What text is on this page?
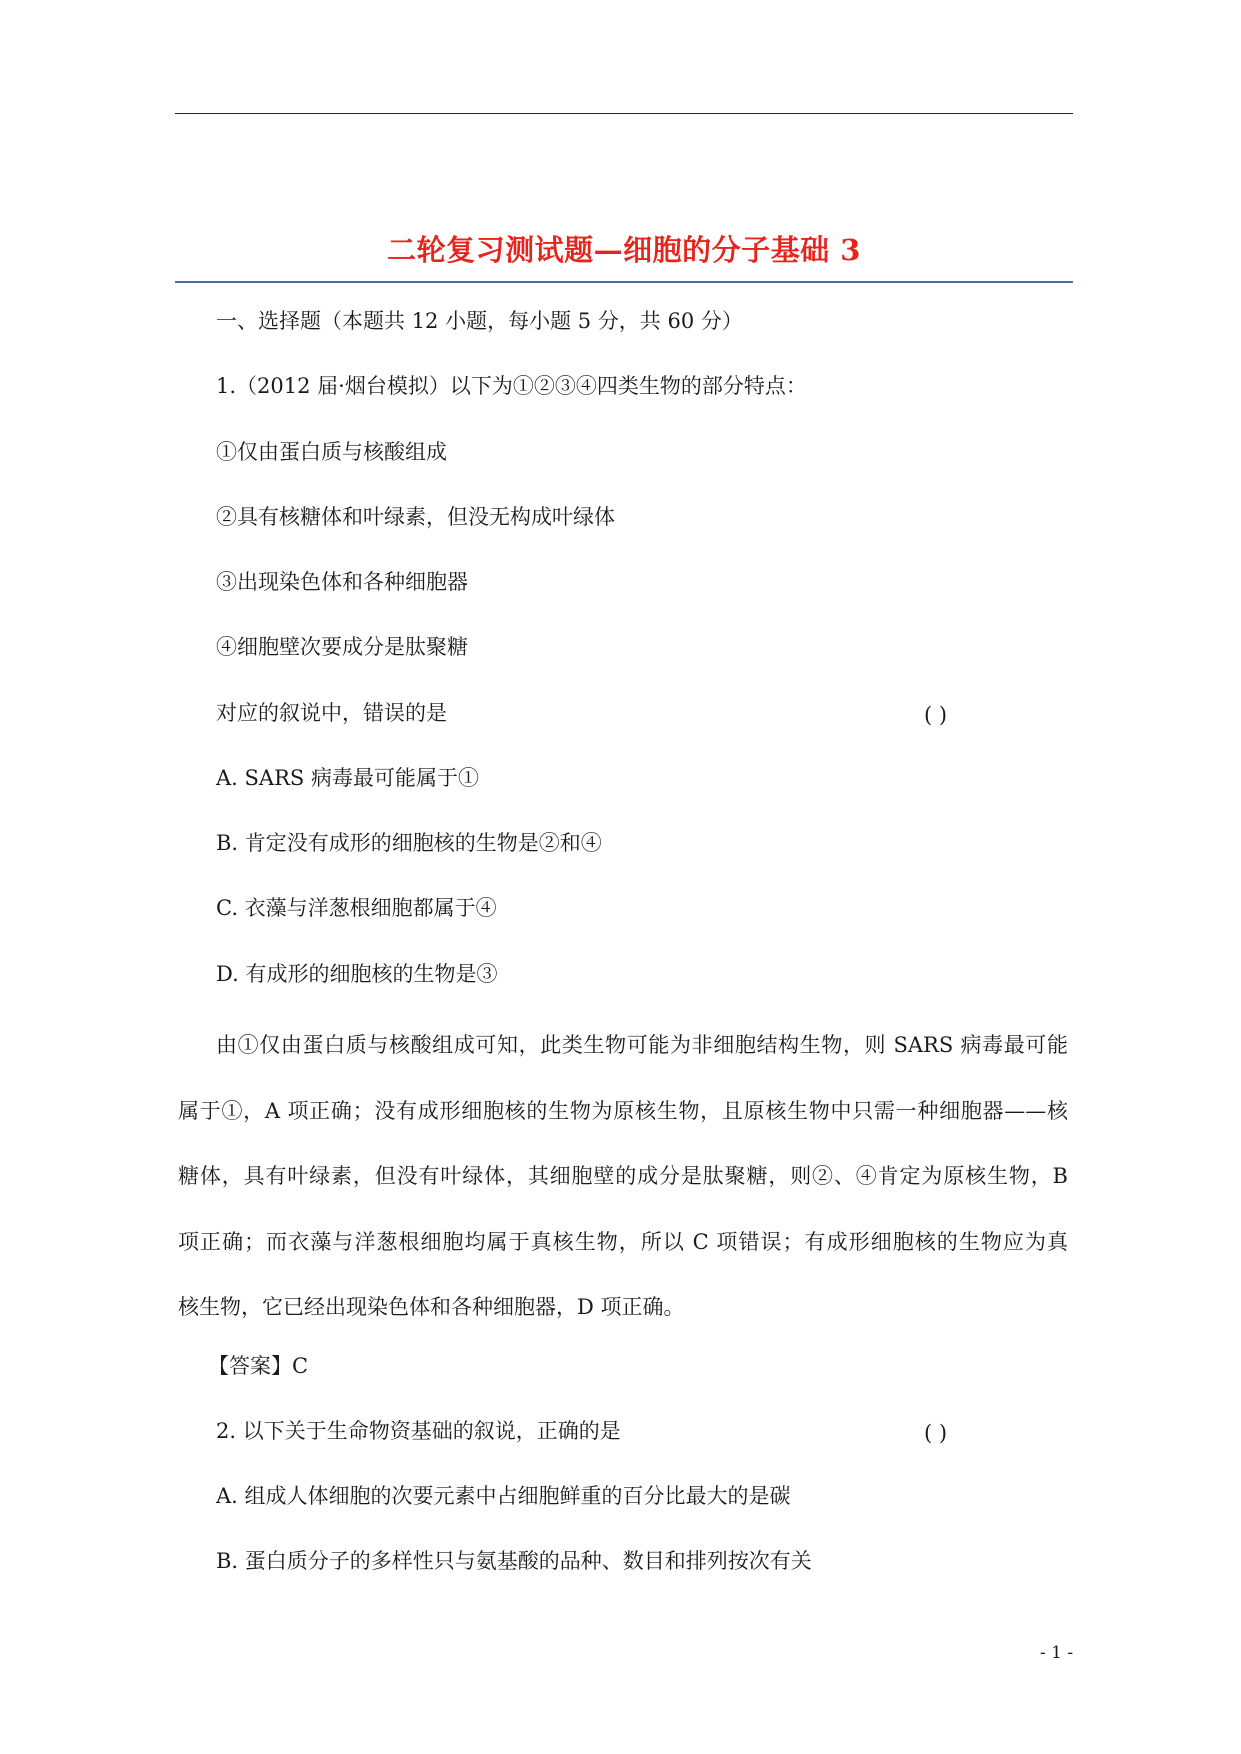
二轮复习测试题—细胞的分子基础 3
一、选择题（本题共 12 小题，每小题 5 分，共 60 分）
1.（2012 届·烟台模拟）以下为①②③④四类生物的部分特点：
①仅由蛋白质与核酸组成
②具有核糖体和叶绿素，但没无构成叶绿体
③出现染色体和各种细胞器
④细胞壁次要成分是肽聚糖
对应的叙说中，错误的是	( )
A. SARS 病毒最可能属于①
B. 肯定没有成形的细胞核的生物是②和④
C. 衣藻与洋葱根细胞都属于④
D. 有成形的细胞核的生物是③
由①仅由蛋白质与核酸组成可知，此类生物可能为非细胞结构生物，则 SARS 病毒最可能
属于①，A 项正确；没有成形细胞核的生物为原核生物，且原核生物中只需一种细胞器——核
糖体，具有叶绿素，但没有叶绿体，其细胞壁的成分是肽聚糖，则②、④肯定为原核生物，B
项正确；而衣藻与洋葱根细胞均属于真核生物，所以 C 项错误；有成形细胞核的生物应为真
核生物，它已经出现染色体和各种细胞器，D 项正确。
【答案】C
2. 以下关于生命物资基础的叙说，正确的是	( )
A. 组成人体细胞的次要元素中占细胞鲜重的百分比最大的是碳
B. 蛋白质分子的多样性只与氨基酸的品种、数目和排列按次有关
- 1 -
